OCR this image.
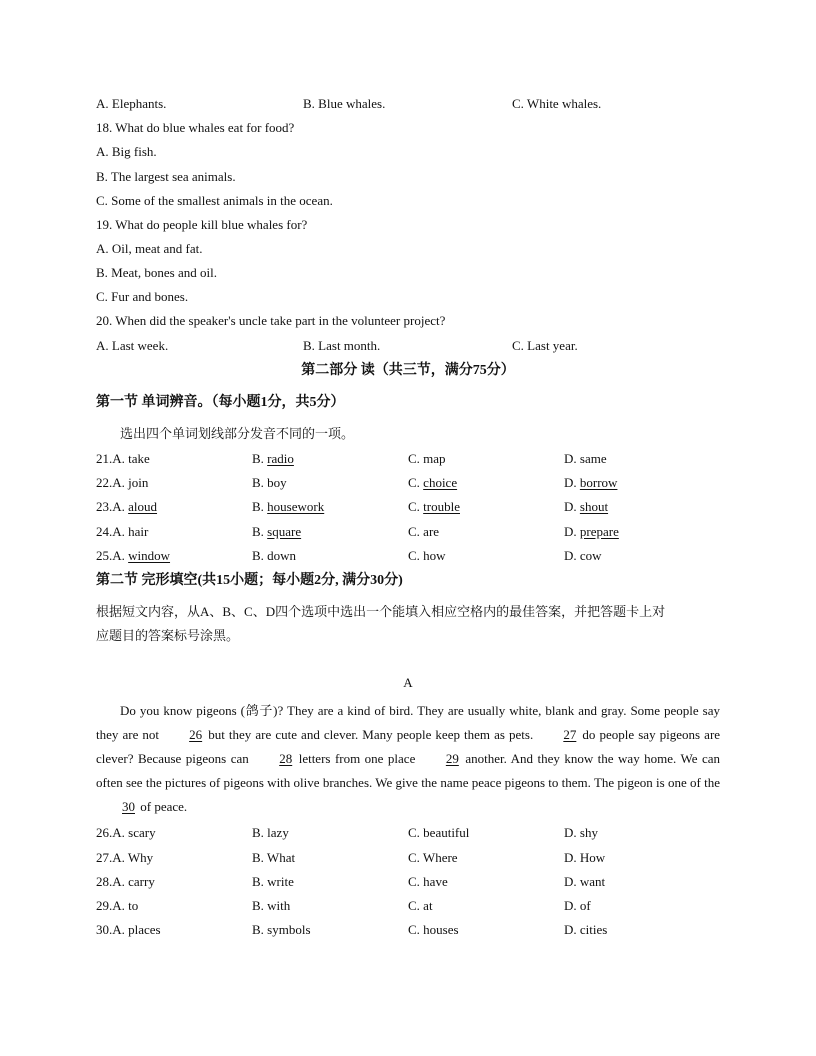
A. Elephants.	B. Blue whales.	C. White whales.
18. What do blue whales eat for food?
A. Big fish.
B. The largest sea animals.
C. Some of the smallest animals in the ocean.
19. What do people kill blue whales for?
A. Oil, meat and fat.
B. Meat, bones and oil.
C. Fur and bones.
20. When did the speaker's uncle take part in the volunteer project?
A. Last week.	B. Last month.	C. Last year.
第二部分 读（共三节，满分75分）
第一节 单词辨音。（每小题1分，共5分）
选出四个单词划线部分发音不同的一项。
21.A. take	B. radio	C. map	D. same
22.A. join	B. boy	C. choice	D. borrow
23.A. aloud	B. housework	C. trouble	D. shout
24.A. hair	B. square	C. are	D. prepare
25.A. window	B. down	C. how	D. cow
第二节 完形填空(共15小题；每小题2分, 满分30分)
根据短文内容，从A、B、C、D四个选项中选出一个能填入相应空格内的最佳答案，并把答题卡上对
应题目的答案标号涂黑。
A
Do you know pigeons (鸽子)? They are a kind of bird. They are usually white, blank and gray. Some people say they are not 26 but they are cute and clever. Many people keep them as pets. 27 do people say pigeons are clever? Because pigeons can 28 letters from one place 29 another. And they know the way home. We can often see the pictures of pigeons with olive branches. We give the name peace pigeons to them. The pigeon is one of the 30 of peace.
26.A. scary	B. lazy	C. beautiful	D. shy
27.A. Why	B. What	C. Where	D. How
28.A. carry	B. write	C. have	D. want
29.A. to	B. with	C. at	D. of
30.A. places	B. symbols	C. houses	D. cities
